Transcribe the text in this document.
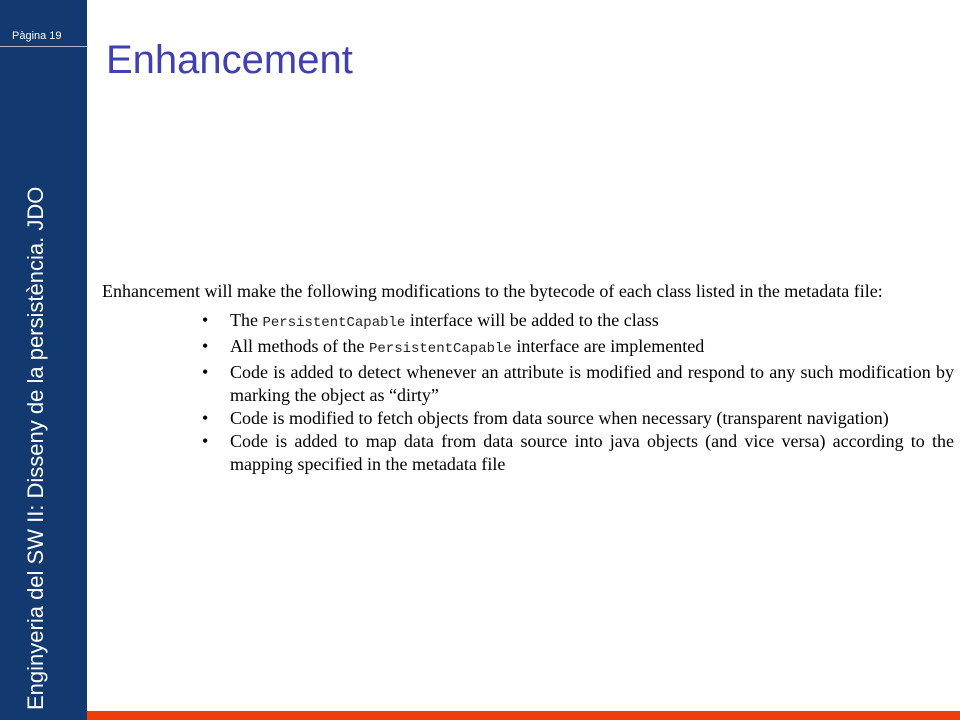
Pàgina 19
Enginyeria del SW II: Disseny de la persistència. JDO
Enhancement

Enhancement will make the following modifications to the bytecode of each class listed in the metadata file:

• The PersistentCapable interface will be added to the class
• All methods of the PersistentCapable interface are implemented
• Code is added to detect whenever an attribute is modified and respond to any such modification by marking the object as “dirty”
• Code is modified to fetch objects from data source when necessary (transparent navigation)
• Code is added to map data from data source into java objects (and vice versa) according to the mapping specified in the metadata file
